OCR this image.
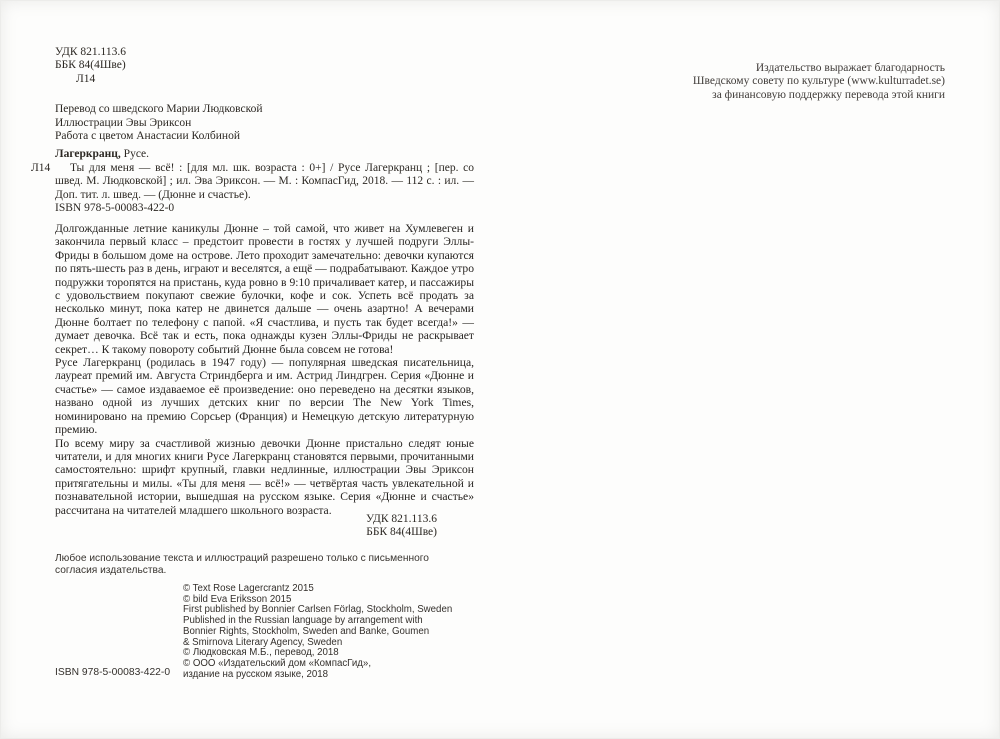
УДК 821.113.6
ББК 84(4Шве)
Л14
Издательство выражает благодарность
Шведскому совету по культуре (www.kulturradet.se)
за финансовую поддержку перевода этой книги
Перевод со шведского Марии Людковской
Иллюстрации Эвы Эриксон
Работа с цветом Анастасии Колбиной
Л14

Лагеркранц, Русе.

Ты для меня — всё! : [для мл. шк. возраста : 0+] / Русе Лагеркранц ; [пер. со швед. М. Людковской] ; ил. Эва Эриксон. — М. : КомпасГид, 2018. — 112 с. : ил. — Доп. тит. л. швед. — (Дюнне и счастье).

ISBN 978-5-00083-422-0

Долгожданные летние каникулы Дюнне – той самой, что живет на Хумлевеген и закончила первый класс – предстоит провести в гостях у лучшей подруги Эллы-Фриды в большом доме на острове. Лето проходит замечательно: девочки купаются по пять-шесть раз в день, играют и веселятся, а ещё — подрабатывают. Каждое утро подружки торопятся на пристань, куда ровно в 9:10 причаливает катер, и пассажиры с удовольствием покупают свежие булочки, кофе и сок. Успеть всё продать за несколько минут, пока катер не двинется дальше — очень азартно! А вечерами Дюнне болтает по телефону с папой. «Я счастлива, и пусть так будет всегда!» — думает девочка. Всё так и есть, пока однажды кузен Эллы-Фриды не раскрывает секрет… К такому повороту событий Дюнне была совсем не готова!

Русе Лагеркранц (родилась в 1947 году) — популярная шведская писательница, лауреат премий им. Августа Стриндберга и им. Астрид Линдгрен. Серия «Дюнне и счастье» — самое издаваемое её произведение: оно переведено на десятки языков, названо одной из лучших детских книг по версии The New York Times, номинировано на премию Сорсьер (Франция) и Немецкую детскую литературную премию.

По всему миру за счастливой жизнью девочки Дюнне пристально следят юные читатели, и для многих книги Русе Лагеркранц становятся первыми, прочитанными самостоятельно: шрифт крупный, главки недлинные, иллюстрации Эвы Эриксон притягательны и милы. «Ты для меня — всё!» — четвёртая часть увлекательной и познавательной истории, вышедшая на русском языке. Серия «Дюнне и счастье» рассчитана на читателей младшего школьного возраста.

УДК 821.113.6
ББК 84(4Шве)
Любое использование текста и иллюстраций разрешено только с письменного согласия издательства.
© Text Rose Lagercrantz 2015
© bild Eva Eriksson 2015
First published by Bonnier Carlsen Förlag, Stockholm, Sweden
Published in the Russian language by arrangement with
Bonnier Rights, Stockholm, Sweden and Banke, Goumen
& Smirnova Literary Agency, Sweden
© Людковская М.Б., перевод, 2018
© ООО «Издательский дом «КомпасГид»,
издание на русском языке, 2018
ISBN 978-5-00083-422-0
